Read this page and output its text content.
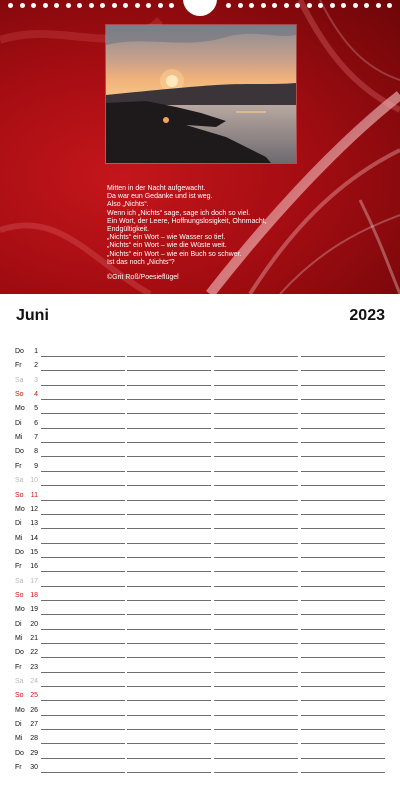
Mitten in der Nacht aufgewacht.
Da war eun Gedanke und ist weg.
Also „Nichts“.
Wenn ich „Nichts“ sage, sage ich doch so viel.
Ein Wort, der Leere, Hoffnungslosigkeit, Ohnmacht,
Endgültigkeit.
„Nichts“ ein Wort – wie Wasser so tief.
„Nichts“ ein Wort – wie die Wüste weit.
„Nichts“ ein Wort – wie ein Buch so schwer.
Ist das noch „Nichts“?
©Grit Roß/Poesieflügel
Juni	2023
Do	1
Fr	2
Sa	3
So	4
Mo	5
Di	6
Mi	7
Do	8
Fr	9
Sa 10
So	11
Mo 12
Di	13
Mi	14
Do 15
Fr	16
Sa 17
So 18
Mo 19
Di	20
Mi	21
Do 22
Fr	23
Sa 24
So 25
Mo 26
Di	27
Mi	28
Do 29
Fr	30
